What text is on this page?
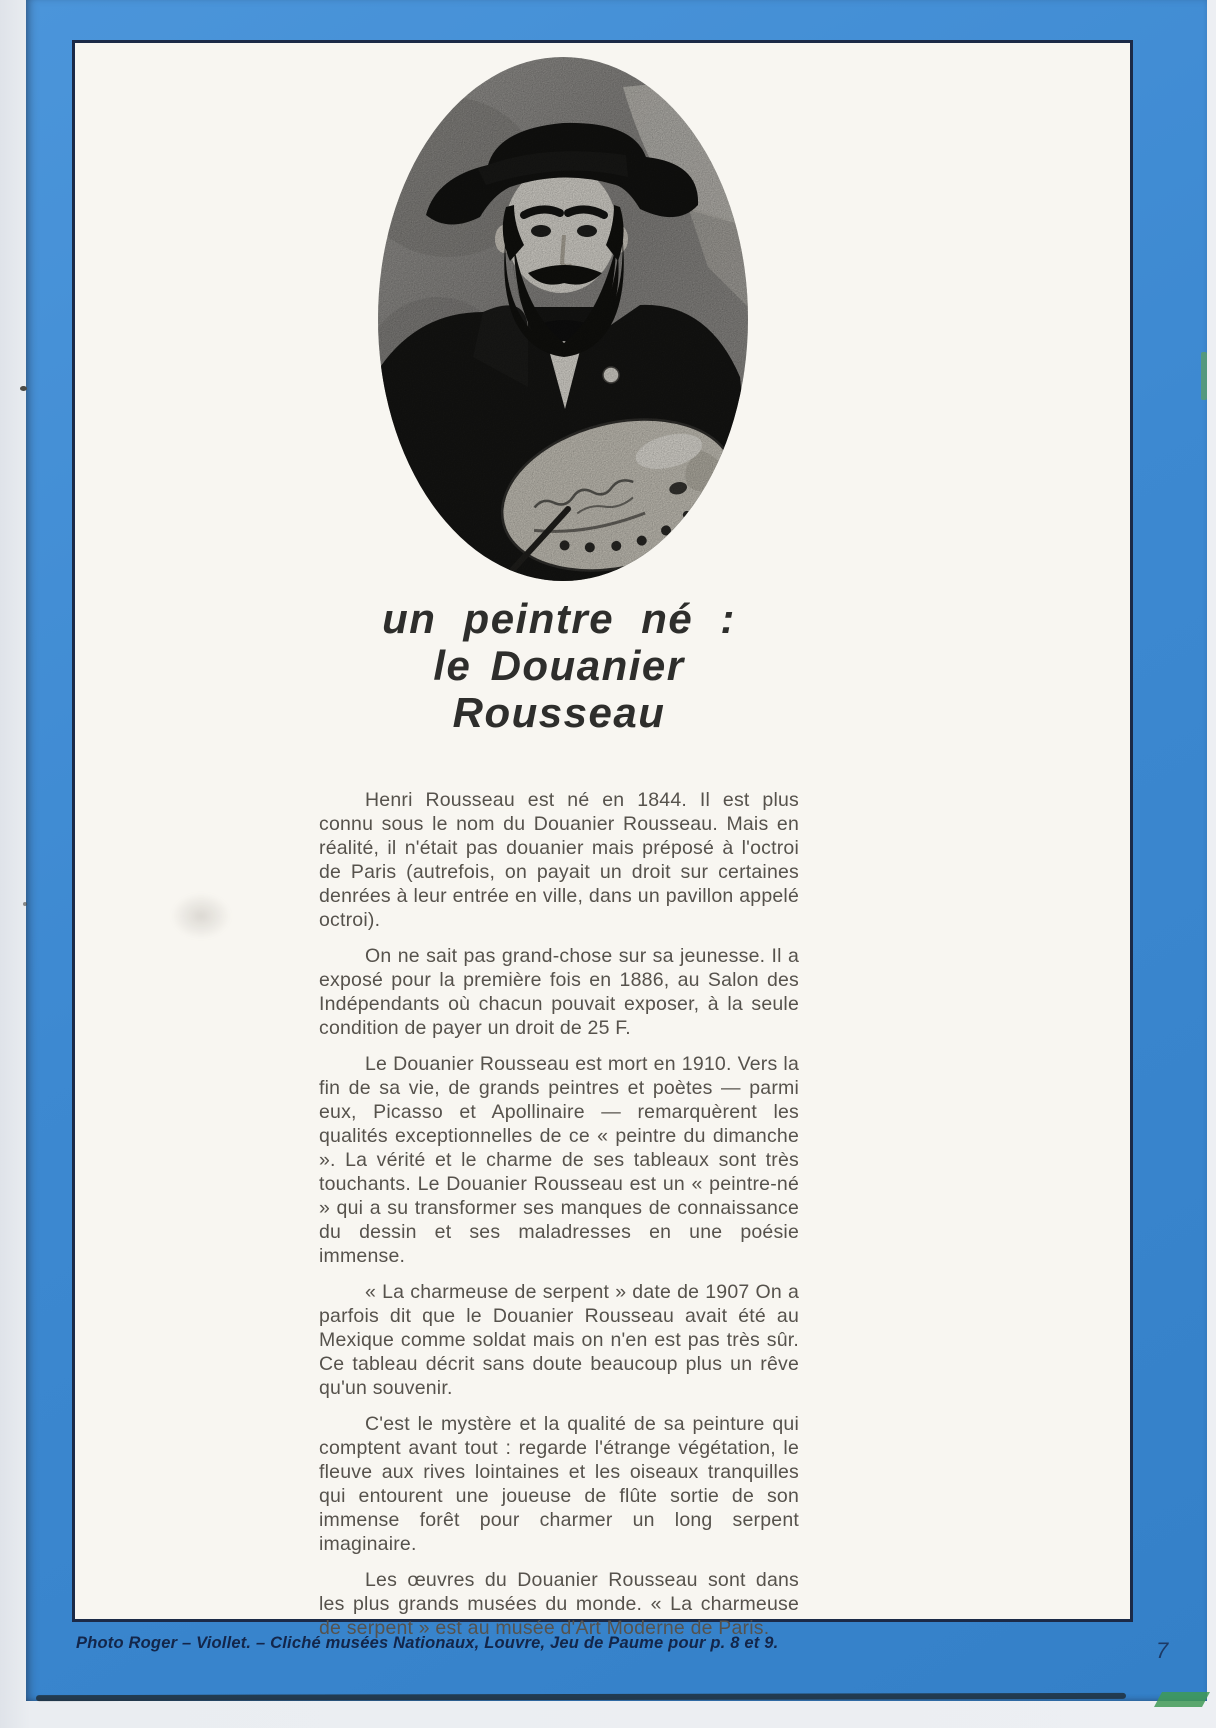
un peintre né :
le Douanier Rousseau

Henri Rousseau est né en 1844. Il est plus connu sous le nom du Douanier Rousseau. Mais en réalité, il n'était pas douanier mais préposé à l'octroi de Paris (autrefois, on payait un droit sur certaines denrées à leur entrée en ville, dans un pavillon appelé octroi).

On ne sait pas grand-chose sur sa jeunesse. Il a exposé pour la première fois en 1886, au Salon des Indépendants où chacun pouvait exposer, à la seule condition de payer un droit de 25 F.

Le Douanier Rousseau est mort en 1910. Vers la fin de sa vie, de grands peintres et poètes — parmi eux, Picasso et Apollinaire — remarquèrent les qualités exceptionnelles de ce « peintre du dimanche ». La vérité et le charme de ses tableaux sont très touchants. Le Douanier Rousseau est un « peintre-né » qui a su transformer ses manques de connaissance du dessin et ses maladresses en une poésie immense.

« La charmeuse de serpent » date de 1907 On a parfois dit que le Douanier Rousseau avait été au Mexique comme soldat mais on n'en est pas très sûr. Ce tableau décrit sans doute beaucoup plus un rêve qu'un souvenir.

C'est le mystère et la qualité de sa peinture qui comptent avant tout : regarde l'étrange végétation, le fleuve aux rives lointaines et les oiseaux tranquilles qui entourent une joueuse de flûte sortie de son immense forêt pour charmer un long serpent imaginaire.

Les œuvres du Douanier Rousseau sont dans les plus grands musées du monde. « La charmeuse de serpent » est au musée d'Art Moderne de Paris.

Photo Roger – Viollet. – Cliché musées Nationaux, Louvre, Jeu de Paume pour p. 8 et 9.	7
